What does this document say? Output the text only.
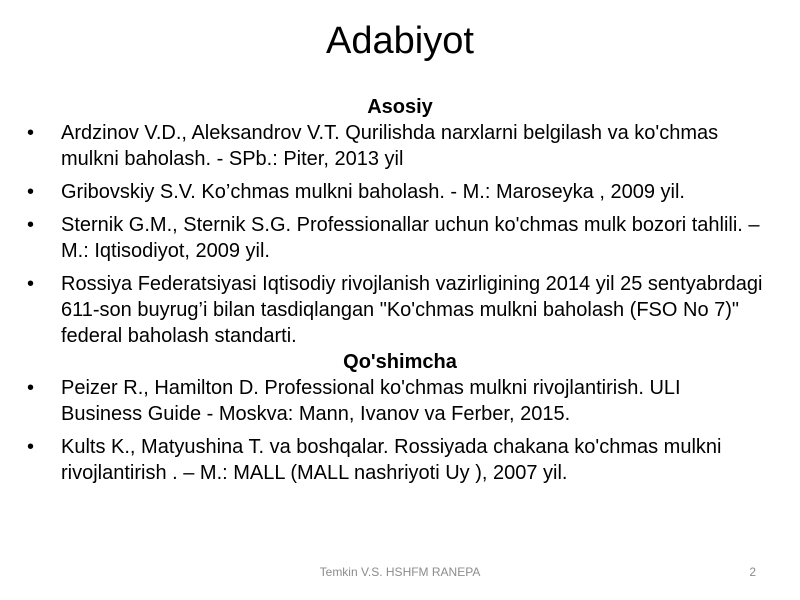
Adabiyot
Asosiy
• Ardzinov V.D., Aleksandrov V.T. Qurilishda narxlarni belgilash va ko'chmas mulkni baholash. - SPb.: Piter, 2013 yil
• Gribovskiy S.V. Ko’chmas mulkni baholash. - M.: Maroseyka , 2009 yil.
• Sternik G.M., Sternik S.G. Professionallar uchun ko'chmas mulk bozori tahlili. – M.: Iqtisodiyot, 2009 yil.
• Rossiya Federatsiyasi Iqtisodiy rivojlanish vazirligining 2014 yil 25 sentyabrdagi 611-son buyrug’i bilan tasdiqlangan "Ko'chmas mulkni baholash (FSO No 7)" federal baholash standarti.
Qo'shimcha
• Peizer R., Hamilton D. Professional ko'chmas mulkni rivojlantirish. ULI Business Guide - Moskva: Mann, Ivanov va Ferber, 2015.
• Kults K., Matyushina T. va boshqalar. Rossiyada chakana ko'chmas mulkni rivojlantirish . – M.: MALL (MALL nashriyoti Uy ), 2007 yil.
Temkin V.S. HSHFM RANEPA	2
